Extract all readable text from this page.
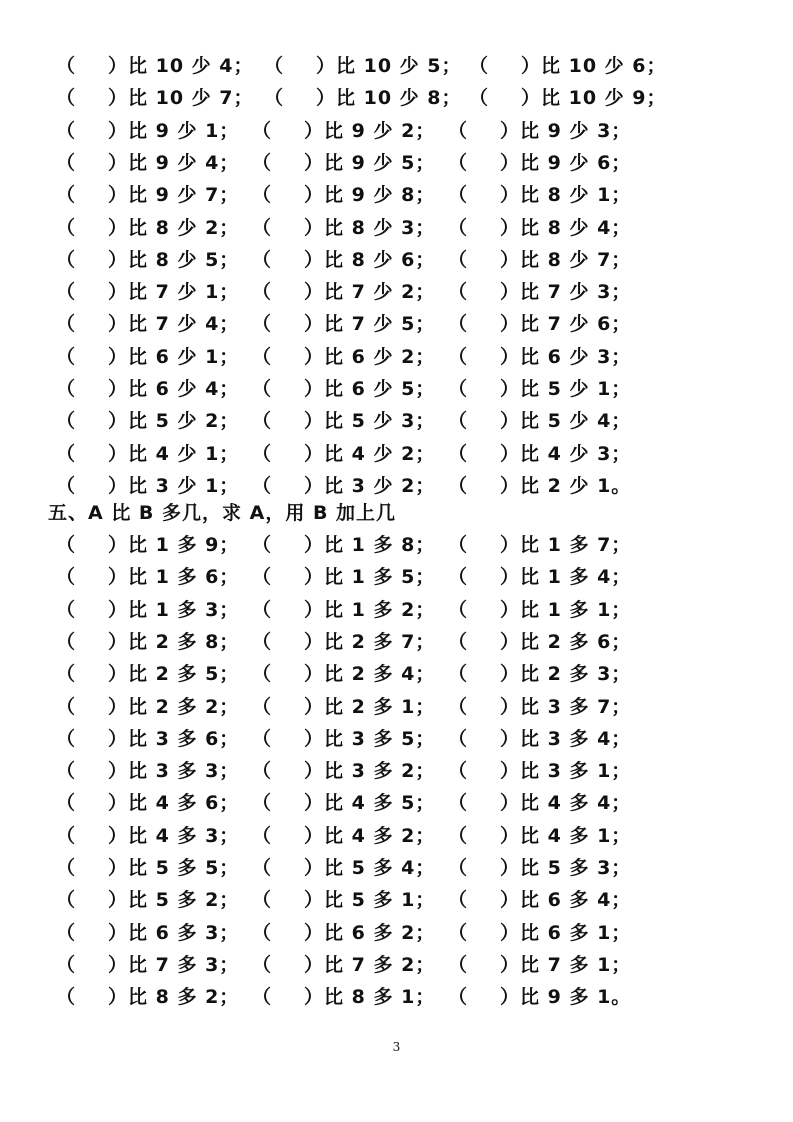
（ ）比 10 少 4； （ ）比 10 少 5； （ ）比 10 少 6；
（ ）比 10 少 7； （ ）比 10 少 8； （ ）比 10 少 9；
（ ）比 9 少 1； （ ）比 9 少 2； （ ）比 9 少 3；
（ ）比 9 少 4； （ ）比 9 少 5； （ ）比 9 少 6；
（ ）比 9 少 7； （ ）比 9 少 8； （ ）比 8 少 1；
（ ）比 8 少 2； （ ）比 8 少 3； （ ）比 8 少 4；
（ ）比 8 少 5； （ ）比 8 少 6； （ ）比 8 少 7；
（ ）比 7 少 1； （ ）比 7 少 2； （ ）比 7 少 3；
（ ）比 7 少 4； （ ）比 7 少 5； （ ）比 7 少 6；
（ ）比 6 少 1； （ ）比 6 少 2； （ ）比 6 少 3；
（ ）比 6 少 4； （ ）比 6 少 5； （ ）比 5 少 1；
（ ）比 5 少 2； （ ）比 5 少 3； （ ）比 5 少 4；
（ ）比 4 少 1； （ ）比 4 少 2； （ ）比 4 少 3；
（ ）比 3 少 1； （ ）比 3 少 2； （ ）比 2 少 1。
五、A 比 B 多几，求 A，用 B 加上几
（ ）比 1 多 9； （ ）比 1 多 8； （ ）比 1 多 7；
（ ）比 1 多 6； （ ）比 1 多 5； （ ）比 1 多 4；
（ ）比 1 多 3； （ ）比 1 多 2； （ ）比 1 多 1；
（ ）比 2 多 8； （ ）比 2 多 7； （ ）比 2 多 6；
（ ）比 2 多 5； （ ）比 2 多 4； （ ）比 2 多 3；
（ ）比 2 多 2； （ ）比 2 多 1； （ ）比 3 多 7；
（ ）比 3 多 6； （ ）比 3 多 5； （ ）比 3 多 4；
（ ）比 3 多 3； （ ）比 3 多 2； （ ）比 3 多 1；
（ ）比 4 多 6； （ ）比 4 多 5； （ ）比 4 多 4；
（ ）比 4 多 3； （ ）比 4 多 2； （ ）比 4 多 1；
（ ）比 5 多 5； （ ）比 5 多 4； （ ）比 5 多 3；
（ ）比 5 多 2； （ ）比 5 多 1； （ ）比 6 多 4；
（ ）比 6 多 3； （ ）比 6 多 2； （ ）比 6 多 1；
（ ）比 7 多 3； （ ）比 7 多 2； （ ）比 7 多 1；
（ ）比 8 多 2； （ ）比 8 多 1； （ ）比 9 多 1。
3
